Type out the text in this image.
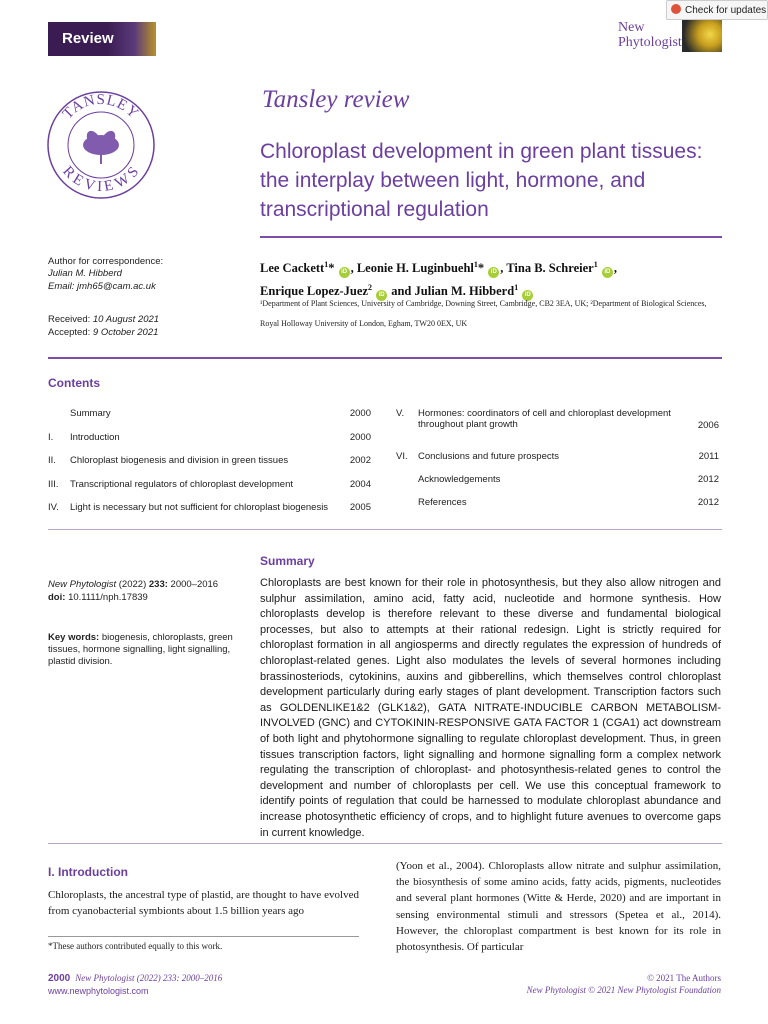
Review
Check for updates
New
Phytologist
TANSLEY
REVIEWS
Tansley review
Chloroplast development in green plant tissues: the interplay between light, hormone, and transcriptional regulation
Author for correspondence:
Julian M. Hibberd
Email: jmh65@cam.ac.uk
Received: 10 August 2021
Accepted: 9 October 2021
Lee Cackett$^1$* iD , Leonie H. Luginbuehl$^1$* iD , Tina B. Schreier$^1$ iD ,
Enrique Lopez-Juez$^2$ iD and Julian M. Hibberd$^1$ iD
¹Department of Plant Sciences, University of Cambridge, Downing Street, Cambridge, CB2 3EA, UK; ²Department of Biological Sciences, Royal Holloway University of London, Egham, TW20 0EX, UK
Contents
Summary	2000
I. Introduction	2000
II. Chloroplast biogenesis and division in green tissues	2002
III. Transcriptional regulators of chloroplast development	2004
IV. Light is necessary but not sufficient for chloroplast biogenesis	2005
V. Hormones: coordinators of cell and chloroplast development throughout plant growth	2006
VI. Conclusions and future prospects	2011
Acknowledgements	2012
References	2012
Summary
New Phytologist (2022) 233: 2000–2016
doi: 10.1111/nph.17839
Key words: biogenesis, chloroplasts, green tissues, hormone signalling, light signalling, plastid division.
Chloroplasts are best known for their role in photosynthesis, but they also allow nitrogen and sulphur assimilation, amino acid, fatty acid, nucleotide and hormone synthesis. How chloroplasts develop is therefore relevant to these diverse and fundamental biological processes, but also to attempts at their rational redesign. Light is strictly required for chloroplast formation in all angiosperms and directly regulates the expression of hundreds of chloroplast-related genes. Light also modulates the levels of several hormones including brassinosteriods, cytokinins, auxins and gibberellins, which themselves control chloroplast development particularly during early stages of plant development. Transcription factors such as GOLDENLIKE1&2 (GLK1&2), GATA NITRATE-INDUCIBLE CARBON METABOLISM-INVOLVED (GNC) and CYTOKININ-RESPONSIVE GATA FACTOR 1 (CGA1) act downstream of both light and phytohormone signalling to regulate chloroplast development. Thus, in green tissues transcription factors, light signalling and hormone signalling form a complex network regulating the transcription of chloroplast- and photosynthesis-related genes to control the development and number of chloroplasts per cell. We use this conceptual framework to identify points of regulation that could be harnessed to modulate chloroplast abundance and increase photosynthetic efficiency of crops, and to highlight future avenues to overcome gaps in current knowledge.
I. Introduction
Chloroplasts, the ancestral type of plastid, are thought to have evolved from cyanobacterial symbionts about 1.5 billion years ago
(Yoon et al., 2004). Chloroplasts allow nitrate and sulphur assimilation, the biosynthesis of some amino acids, fatty acids, pigments, nucleotides and several plant hormones (Witte & Herde, 2020) and are important in sensing environmental stimuli and stressors (Spetea et al., 2014). However, the chloroplast compartment is best known for its role in photosynthesis. Of particular
*These authors contributed equally to this work.
2000 New Phytologist (2022) 233: 2000–2016
www.newphytologist.com
© 2021 The Authors
New Phytologist © 2021 New Phytologist Foundation
